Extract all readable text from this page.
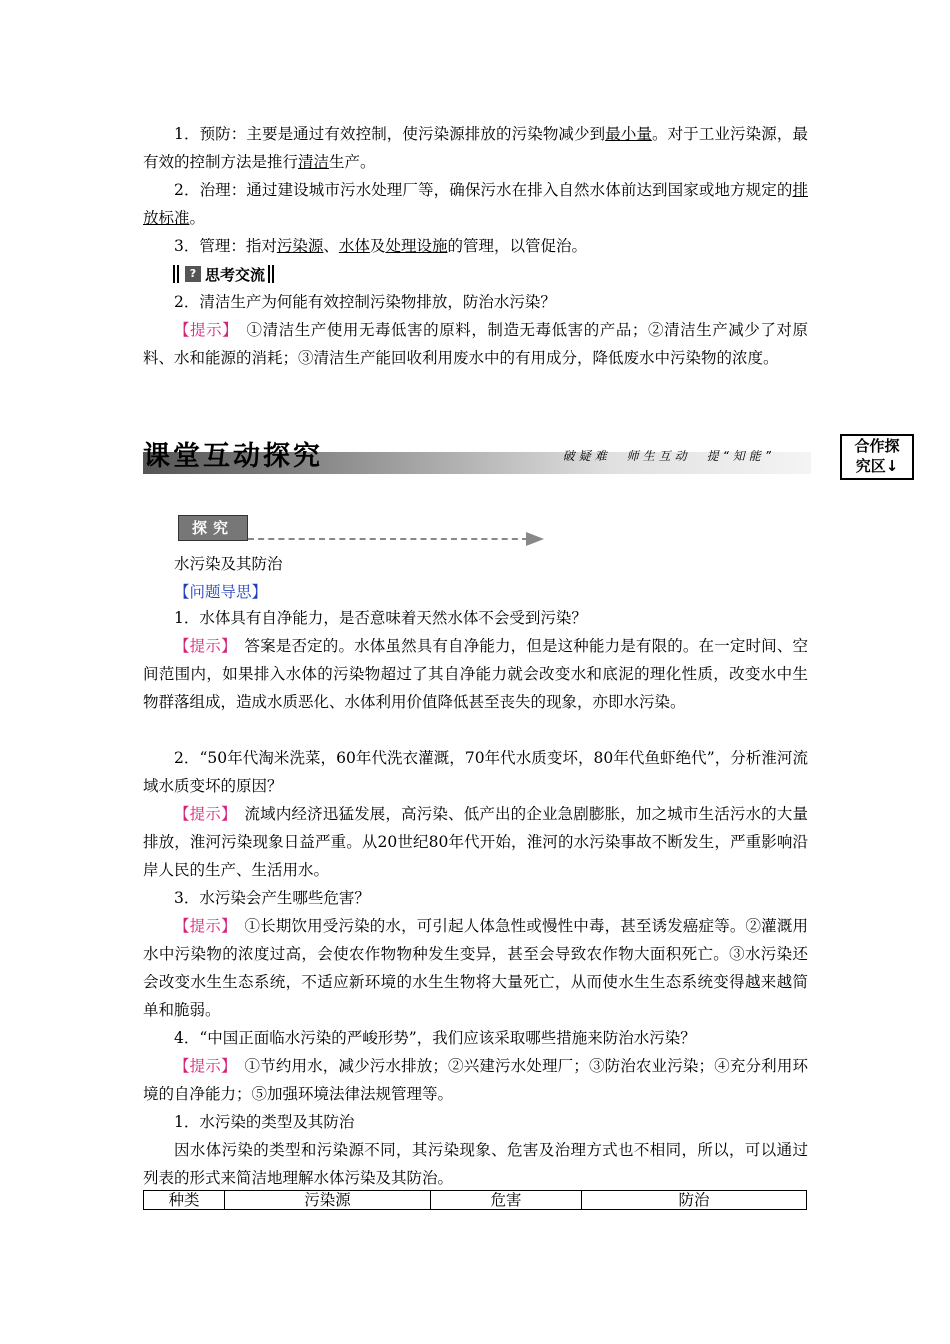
1．预防：主要是通过有效控制，使污染源排放的污染物减少到最小量。对于工业污染源，最有效的控制方法是推行清洁生产。

2．治理：通过建设城市污水处理厂等，确保污水在排入自然水体前达到国家或地方规定的排放标准。

3．管理：指对污染源、水体及处理设施的管理，以管促治。

? 思考交流

2．清洁生产为何能有效控制污染物排放，防治水污染？

【提示】　①清洁生产使用无毒低害的原料，制造无毒低害的产品；②清洁生产减少了对原料、水和能源的消耗；③清洁生产能回收利用废水中的有用成分，降低废水中污染物的浓度。

课堂互动探究	破疑难　师生互动　提“知能”
合作探
究区↓
探究

水污染及其防治

【问题导思】

1．水体具有自净能力，是否意味着天然水体不会受到污染？

【提示】　答案是否定的。水体虽然具有自净能力，但是这种能力是有限的。在一定时间、空间范围内，如果排入水体的污染物超过了其自净能力就会改变水和底泥的理化性质，改变水中生物群落组成，造成水质恶化、水体利用价值降低甚至丧失的现象，亦即水污染。

2．“50年代淘米洗菜，60年代洗衣灌溉，70年代水质变坏，80年代鱼虾绝代”，分析淮河流域水质变坏的原因？

【提示】　流域内经济迅猛发展，高污染、低产出的企业急剧膨胀，加之城市生活污水的大量排放，淮河污染现象日益严重。从20世纪80年代开始，淮河的水污染事故不断发生，严重影响沿岸人民的生产、生活用水。

3．水污染会产生哪些危害？

【提示】　①长期饮用受污染的水，可引起人体急性或慢性中毒，甚至诱发癌症等。②灌溉用水中污染物的浓度过高，会使农作物物种发生变异，甚至会导致农作物大面积死亡。③水污染还会改变水生生态系统，不适应新环境的水生生物将大量死亡，从而使水生生态系统变得越来越简单和脆弱。

4．“中国正面临水污染的严峻形势”，我们应该采取哪些措施来防治水污染？

【提示】　①节约用水，减少污水排放；②兴建污水处理厂；③防治农业污染；④充分利用环境的自净能力；⑤加强环境法律法规管理等。

1．水污染的类型及其防治

因水体污染的类型和污染源不同，其污染现象、危害及治理方式也不相同，所以，可以通过列表的形式来简洁地理解水体污染及其防治。

种类	污染源	危害	防治
